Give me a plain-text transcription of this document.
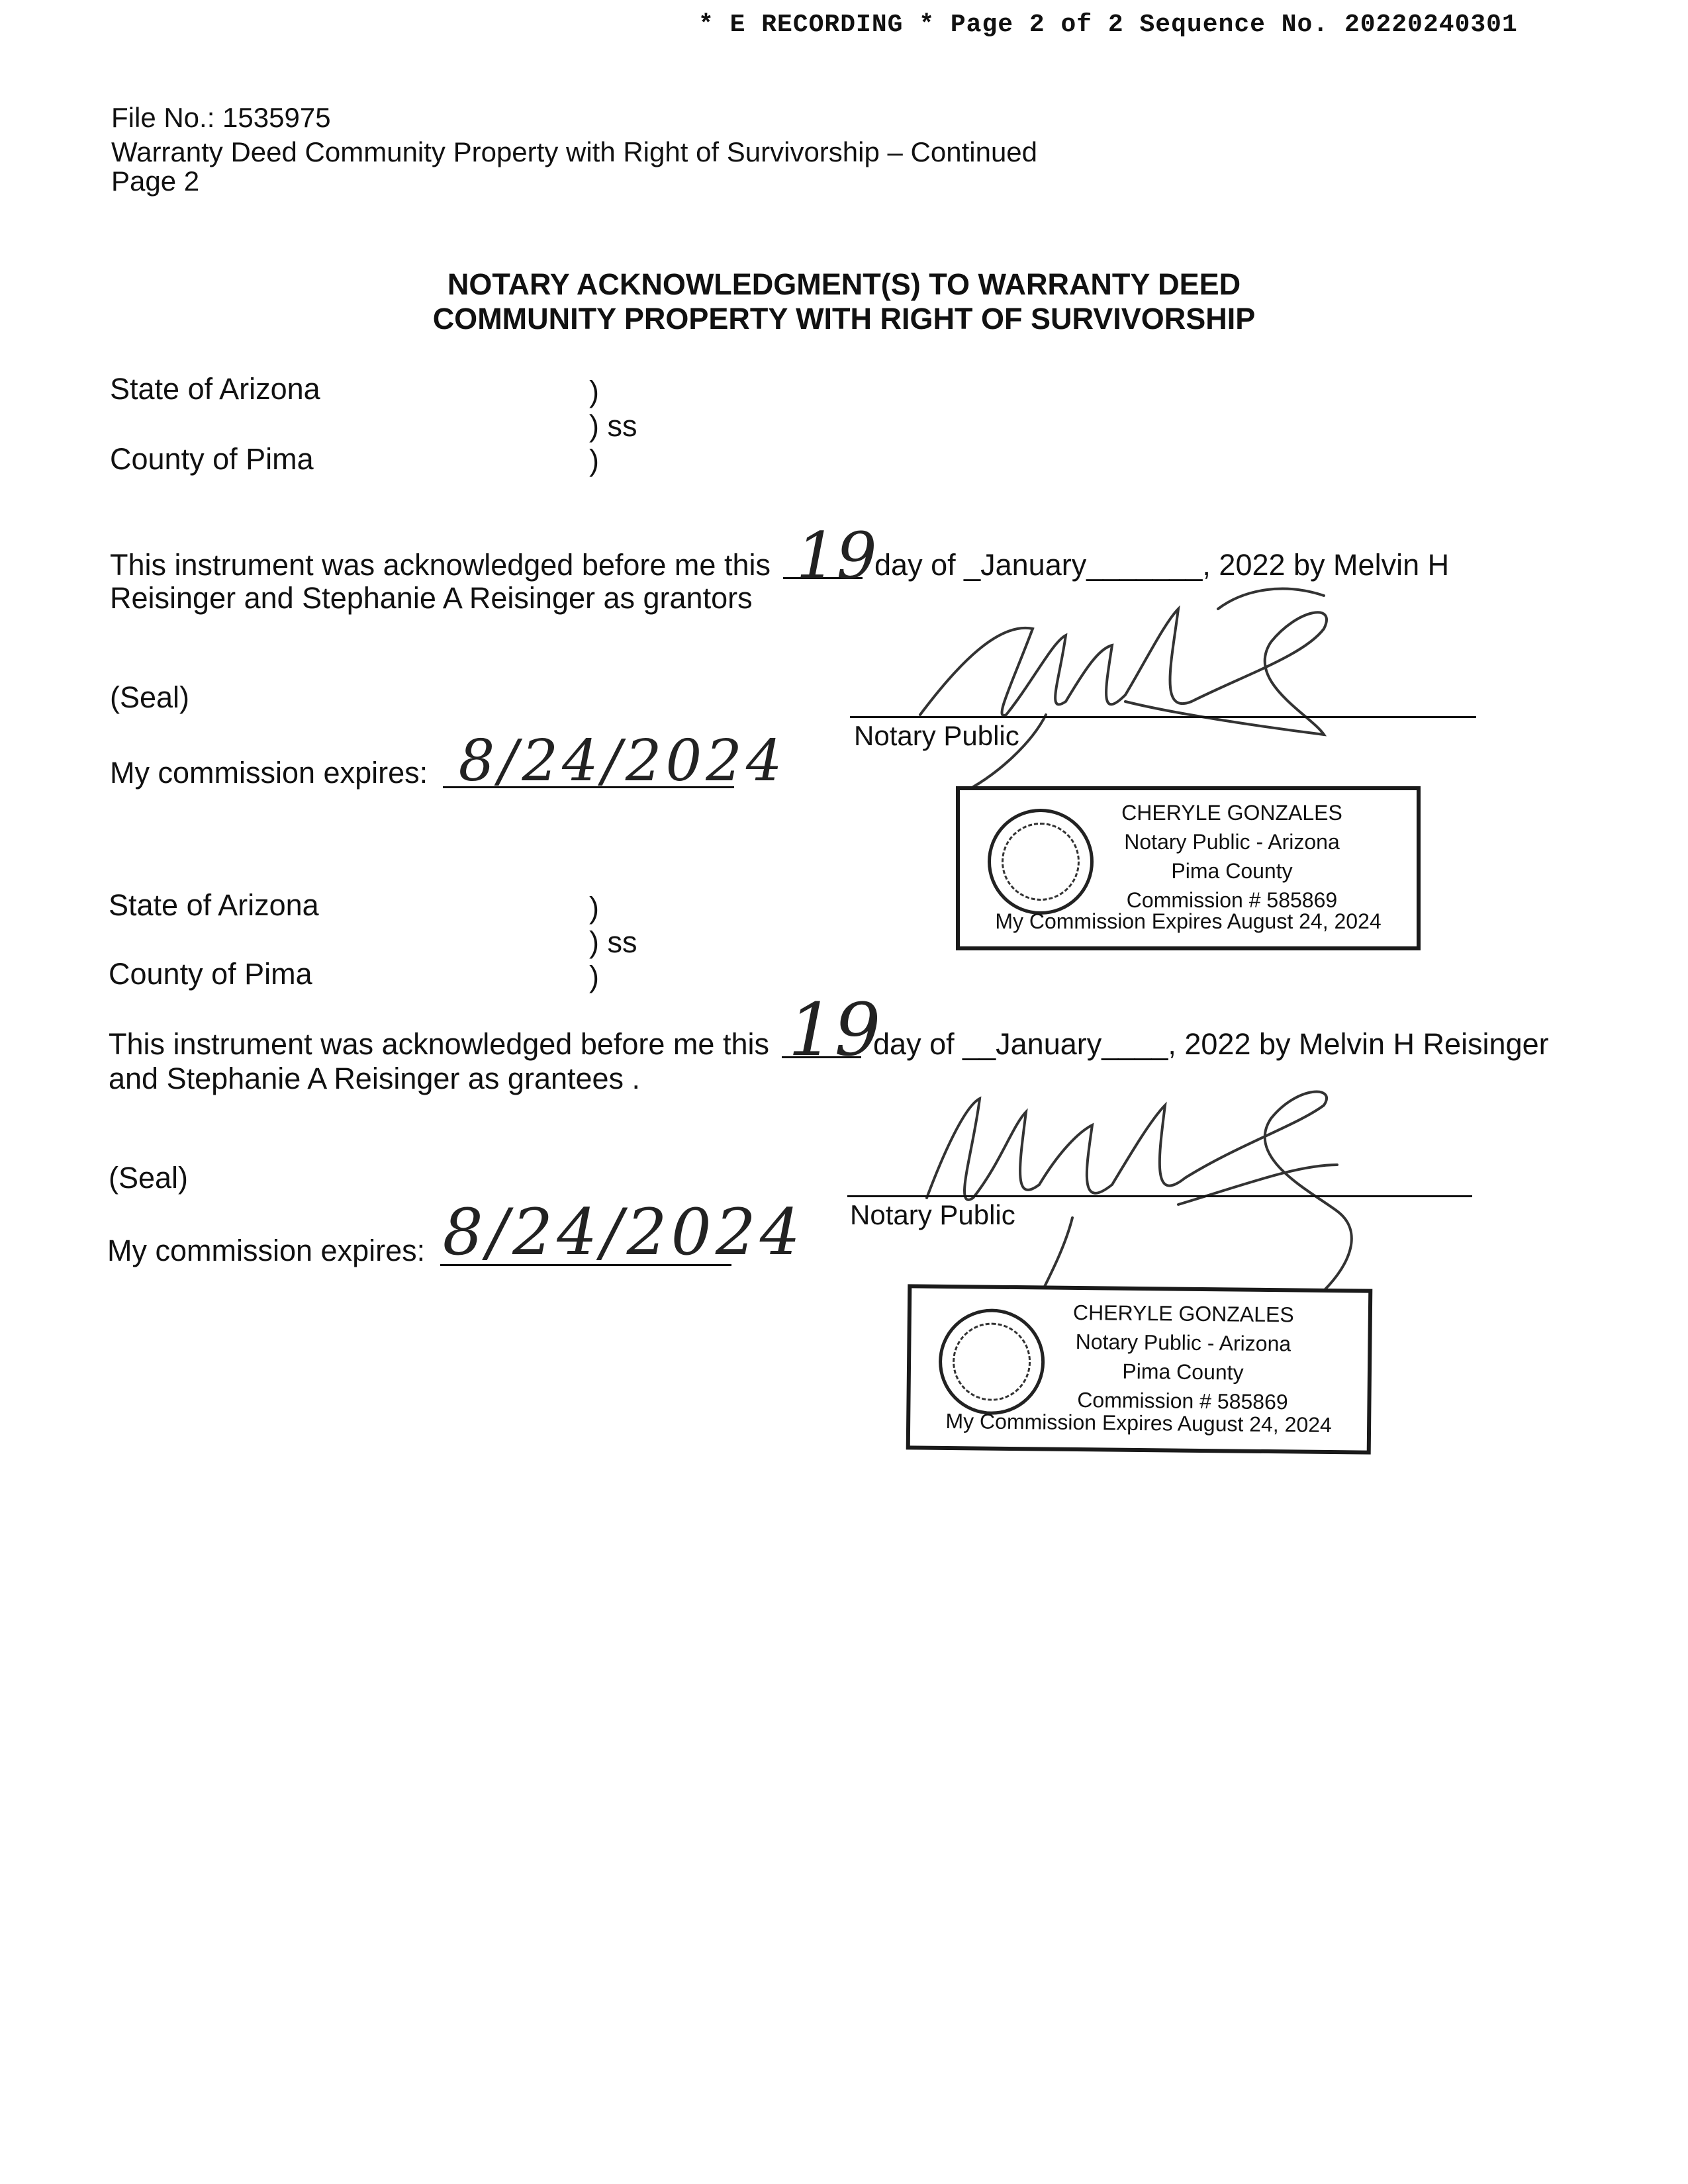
* E RECORDING * Page 2 of 2 Sequence No. 20220240301
File No.: 1535975
Warranty Deed Community Property with Right of Survivorship – Continued
Page 2
NOTARY ACKNOWLEDGMENT(S) TO WARRANTY DEED
COMMUNITY PROPERTY WITH RIGHT OF SURVIVORSHIP
State of Arizona
County of Pima
)
) ss
)
This instrument was acknowledged before me this 19
day of _January_______, 2022 by Melvin H
Reisinger and Stephanie A Reisinger as grantors
(Seal)
Notary Public
My commission expires: 8/24/2024
CHERYLE GONZALES
Notary Public - Arizona
Pima County
Commission # 585869
My Commission Expires August 24, 2024
State of Arizona
County of Pima
)
) ss
)
This instrument was acknowledged before me this 19
day of __January____, 2022 by Melvin H Reisinger
and Stephanie A Reisinger as grantees .
(Seal)
Notary Public
My commission expires: 8/24/2024
CHERYLE GONZALES
Notary Public - Arizona
Pima County
Commission # 585869
My Commission Expires August 24, 2024
